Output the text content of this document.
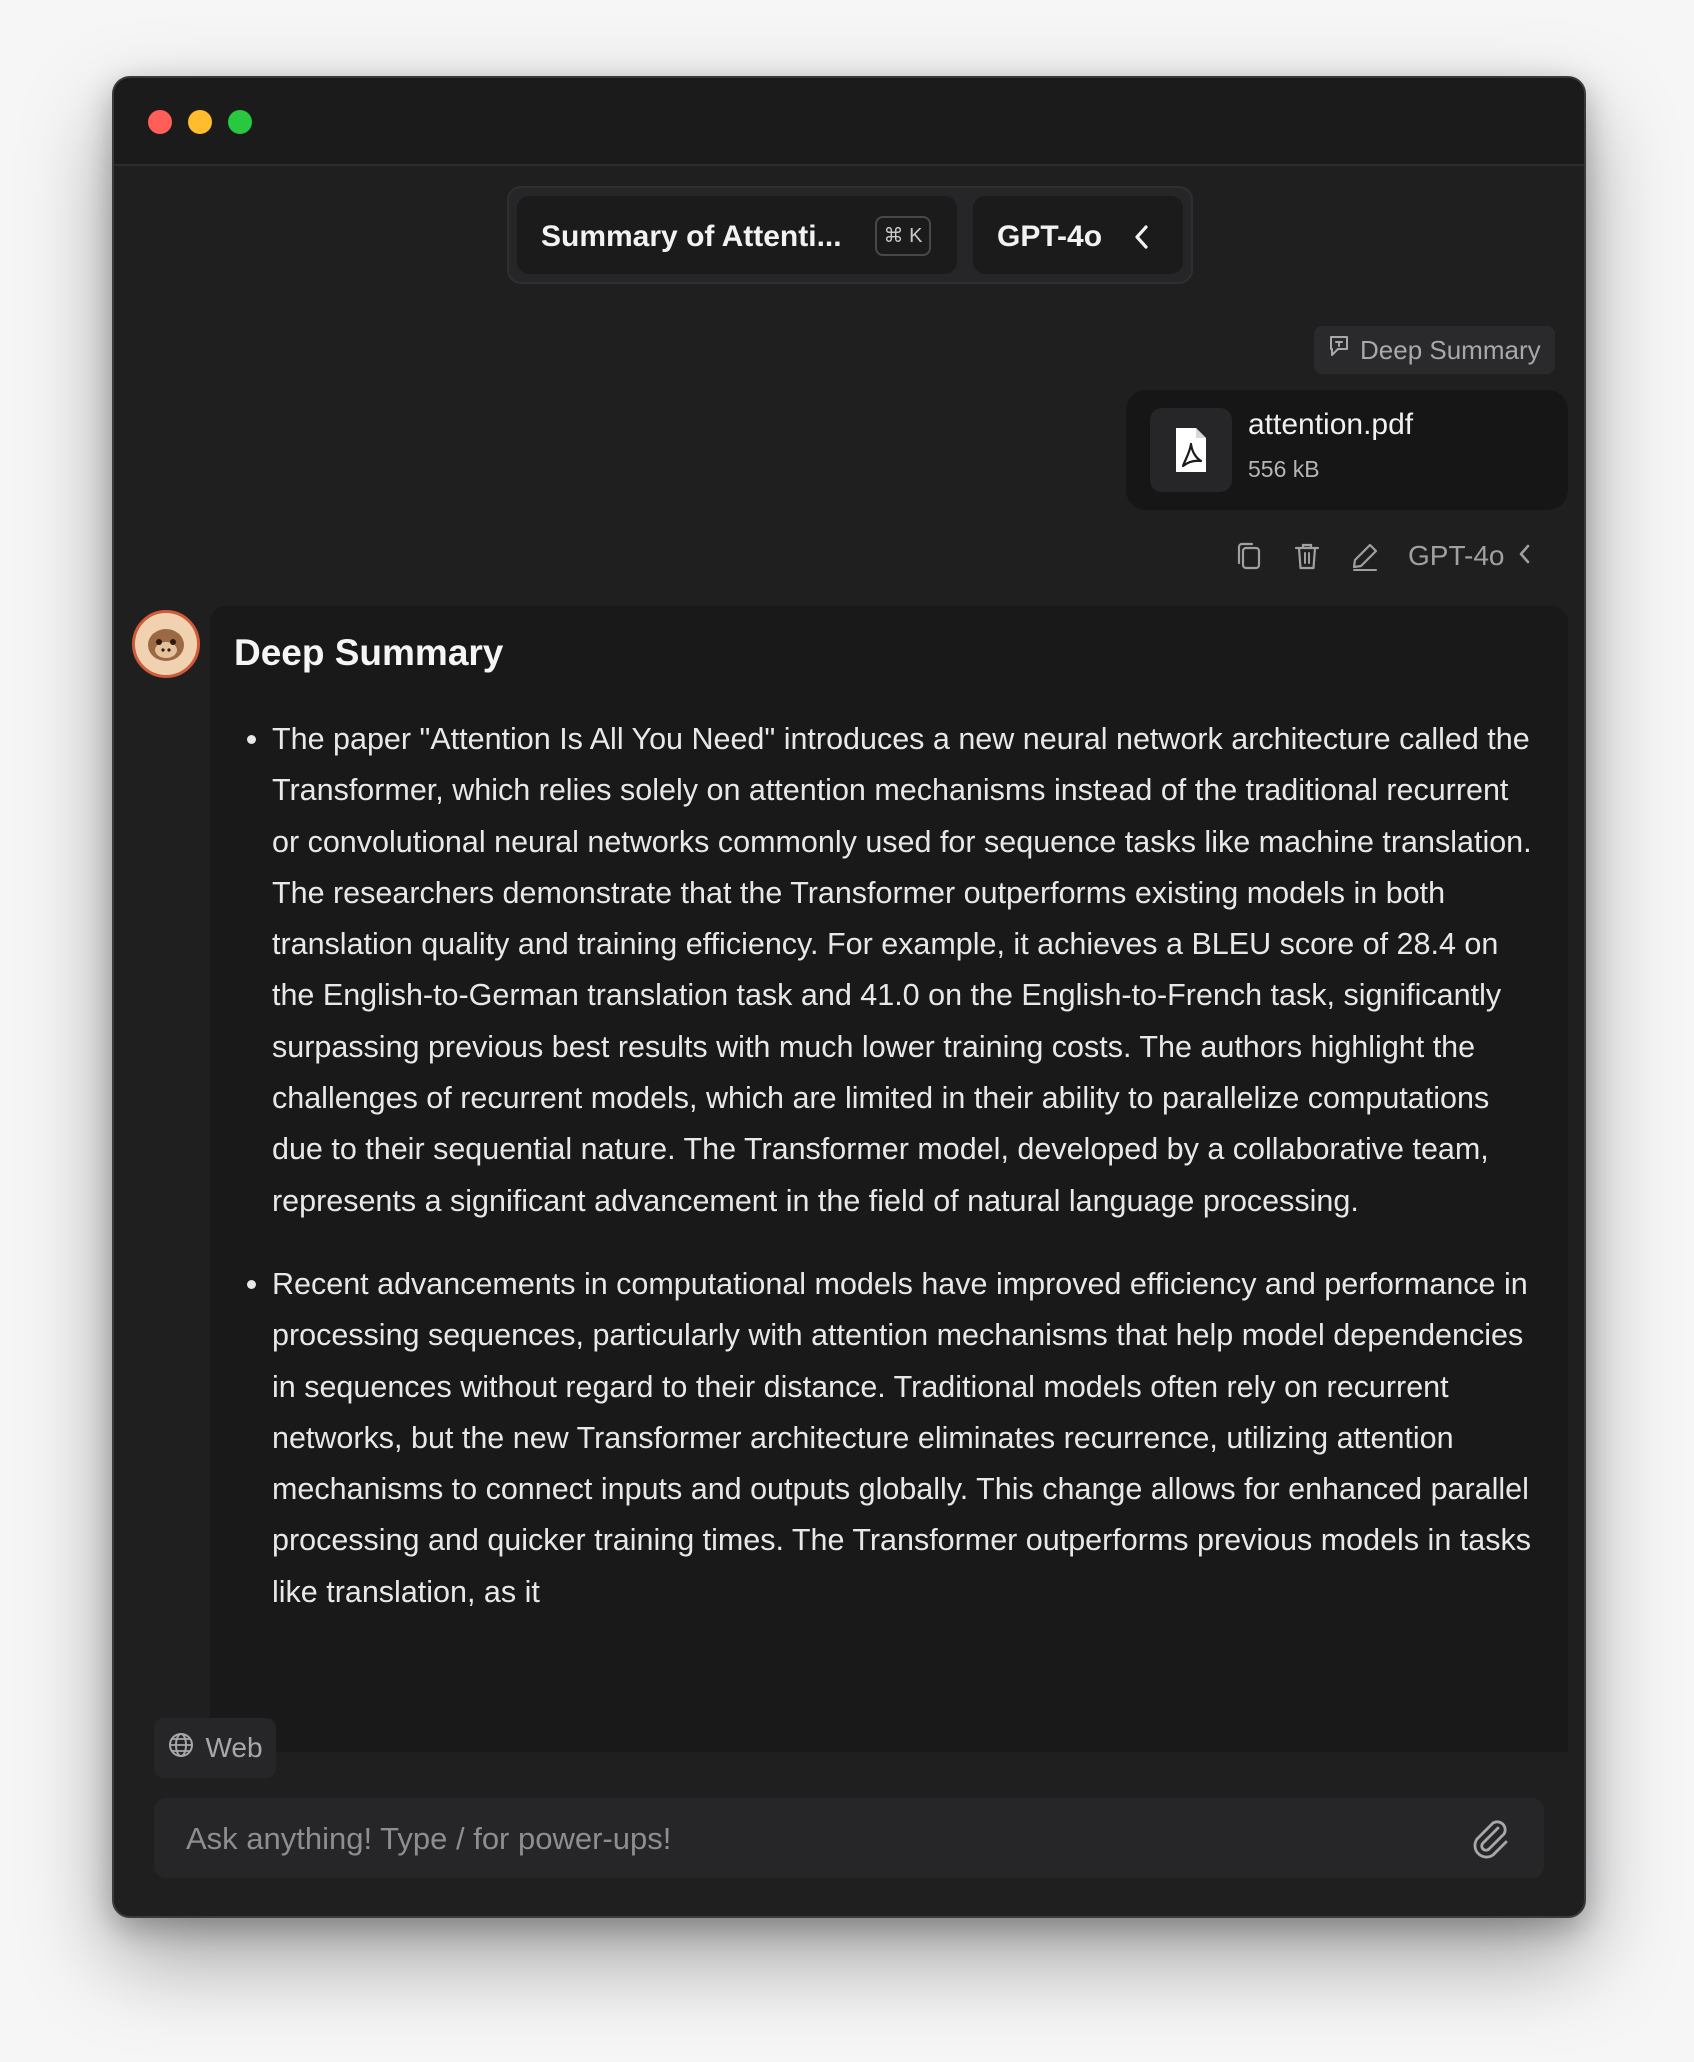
Summary of Attenti...	⌘ K GPT-4o
Deep Summary
attention.pdf
556 kB
GPT-4o
Deep Summary
• The paper "Attention Is All You Need" introduces a new neural network architecture called the Transformer, which relies solely on attention mechanisms instead of the traditional recurrent or convolutional neural networks commonly used for sequence tasks like machine translation. The researchers demonstrate that the Transformer outperforms existing models in both translation quality and training efficiency. For example, it achieves a BLEU score of 28.4 on the English-to-German translation task and 41.0 on the English-to-French task, significantly surpassing previous best results with much lower training costs. The authors highlight the challenges of recurrent models, which are limited in their ability to parallelize computations due to their sequential nature. The Transformer model, developed by a collaborative team, represents a significant advancement in the field of natural language processing.
• Recent advancements in computational models have improved efficiency and performance in processing sequences, particularly with attention mechanisms that help model dependencies in sequences without regard to their distance. Traditional models often rely on recurrent networks, but the new Transformer architecture eliminates recurrence, utilizing attention mechanisms to connect inputs and outputs globally. This change allows for enhanced parallel processing and quicker training times. The Transformer outperforms previous models in tasks like translation, as it
Web
Ask anything! Type / for power-ups!
